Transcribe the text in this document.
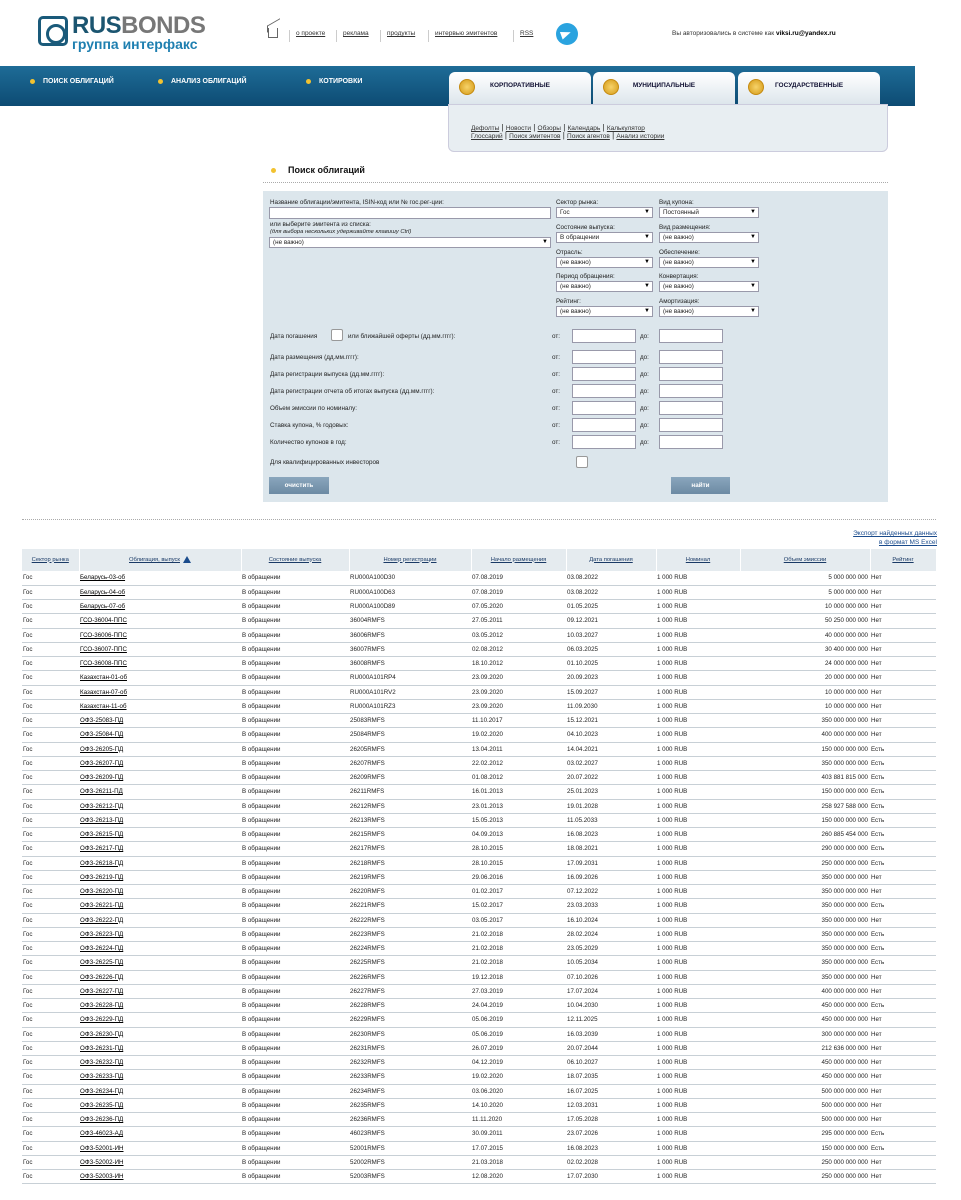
RUSBONDS
группа интерфакс
о проекте	реклама	продукты	интервью эмитентов	RSS	Вы авторизовались в системе как viksi.ru@yandex.ru
ПОИСК ОБЛИГАЦИЙ	АНАЛИЗ ОБЛИГАЦИЙ	КОТИРОВКИ
КОРПОРАТИВНЫЕ	МУНИЦИПАЛЬНЫЕ	ГОСУДАРСТВЕННЫЕ
Дефолты | Новости | Обзоры | Календарь | Калькулятор
Глоссарий | Поиск эмитентов | Поиск агентов | Анализ истории
Поиск облигаций
Название облигации/эмитента, ISIN-код или № гос.рег-ции:
или выберите эмитента из списка:
(для выбора нескольких удерживайте клавишу Ctrl)
(не важно) ▼
Сектор рынка:
Гос ▼
Вид купона:
Постоянный ▼
Состояние выпуска:
В обращении ▼
Вид размещения:
(не важно) ▼
Отрасль:
(не важно) ▼
Обеспечение:
(не важно) ▼
Период обращения:
(не важно) ▼
Конвертация:
(не важно) ▼
Рейтинг:
(не важно) ▼
Амортизация:
(не важно) ▼
Дата погашения	или ближайшей оферты (дд.мм.гггг):	от:	до:
Дата размещения (дд.мм.гггг):	от:	до:
Дата регистрации выпуска (дд.мм.гггг):	от:	до:
Дата регистрации отчета об итогах выпуска (дд.мм.гггг):	от:	до:
Объем эмиссии по номиналу:	от:	до:
Ставка купона, % годовых:	от:	до:
Количество купонов в год:	от:	до:
Для квалифицированных инвесторов
очистить	найти
Экспорт найденных данных
в формат MS Excel
Сектор рынка	Облигация, выпуск	Состояние выпуска	Номер регистрации	Начало размещения	Дата погашения	Номинал	Объем эмиссии	Рейтинг
Гос	Беларусь-03-об	В обращении	RU000A100D30	07.08.2019	03.08.2022	1 000 RUB	5 000 000 000	Нет
Гос	Беларусь-04-об	В обращении	RU000A100D63	07.08.2019	03.08.2022	1 000 RUB	5 000 000 000	Нет
Гос	Беларусь-07-об	В обращении	RU000A100D89	07.05.2020	01.05.2025	1 000 RUB	10 000 000 000	Нет
Гос	ГСО-36004-ППС	В обращении	36004RMFS	27.05.2011	09.12.2021	1 000 RUB	50 250 000 000	Нет
Гос	ГСО-36006-ППС	В обращении	36006RMFS	03.05.2012	10.03.2027	1 000 RUB	40 000 000 000	Нет
Гос	ГСО-36007-ППС	В обращении	36007RMFS	02.08.2012	06.03.2025	1 000 RUB	30 400 000 000	Нет
Гос	ГСО-36008-ППС	В обращении	36008RMFS	18.10.2012	01.10.2025	1 000 RUB	24 000 000 000	Нет
Гос	Казахстан-01-об	В обращении	RU000A101RP4	23.09.2020	20.09.2023	1 000 RUB	20 000 000 000	Нет
Гос	Казахстан-07-об	В обращении	RU000A101RV2	23.09.2020	15.09.2027	1 000 RUB	10 000 000 000	Нет
Гос	Казахстан-11-об	В обращении	RU000A101RZ3	23.09.2020	11.09.2030	1 000 RUB	10 000 000 000	Нет
Гос	ОФЗ-25083-ПД	В обращении	25083RMFS	11.10.2017	15.12.2021	1 000 RUB	350 000 000 000	Нет
Гос	ОФЗ-25084-ПД	В обращении	25084RMFS	19.02.2020	04.10.2023	1 000 RUB	400 000 000 000	Нет
Гос	ОФЗ-26205-ПД	В обращении	26205RMFS	13.04.2011	14.04.2021	1 000 RUB	150 000 000 000	Есть
Гос	ОФЗ-26207-ПД	В обращении	26207RMFS	22.02.2012	03.02.2027	1 000 RUB	350 000 000 000	Есть
Гос	ОФЗ-26209-ПД	В обращении	26209RMFS	01.08.2012	20.07.2022	1 000 RUB	403 881 815 000	Есть
Гос	ОФЗ-26211-ПД	В обращении	26211RMFS	16.01.2013	25.01.2023	1 000 RUB	150 000 000 000	Есть
Гос	ОФЗ-26212-ПД	В обращении	26212RMFS	23.01.2013	19.01.2028	1 000 RUB	258 927 588 000	Есть
Гос	ОФЗ-26213-ПД	В обращении	26213RMFS	15.05.2013	11.05.2033	1 000 RUB	150 000 000 000	Есть
Гос	ОФЗ-26215-ПД	В обращении	26215RMFS	04.09.2013	16.08.2023	1 000 RUB	260 885 454 000	Есть
Гос	ОФЗ-26217-ПД	В обращении	26217RMFS	28.10.2015	18.08.2021	1 000 RUB	290 000 000 000	Есть
Гос	ОФЗ-26218-ПД	В обращении	26218RMFS	28.10.2015	17.09.2031	1 000 RUB	250 000 000 000	Есть
Гос	ОФЗ-26219-ПД	В обращении	26219RMFS	29.06.2016	16.09.2026	1 000 RUB	350 000 000 000	Нет
Гос	ОФЗ-26220-ПД	В обращении	26220RMFS	01.02.2017	07.12.2022	1 000 RUB	350 000 000 000	Нет
Гос	ОФЗ-26221-ПД	В обращении	26221RMFS	15.02.2017	23.03.2033	1 000 RUB	350 000 000 000	Есть
Гос	ОФЗ-26222-ПД	В обращении	26222RMFS	03.05.2017	16.10.2024	1 000 RUB	350 000 000 000	Нет
Гос	ОФЗ-26223-ПД	В обращении	26223RMFS	21.02.2018	28.02.2024	1 000 RUB	350 000 000 000	Есть
Гос	ОФЗ-26224-ПД	В обращении	26224RMFS	21.02.2018	23.05.2029	1 000 RUB	350 000 000 000	Есть
Гос	ОФЗ-26225-ПД	В обращении	26225RMFS	21.02.2018	10.05.2034	1 000 RUB	350 000 000 000	Есть
Гос	ОФЗ-26226-ПД	В обращении	26226RMFS	19.12.2018	07.10.2026	1 000 RUB	350 000 000 000	Нет
Гос	ОФЗ-26227-ПД	В обращении	26227RMFS	27.03.2019	17.07.2024	1 000 RUB	400 000 000 000	Нет
Гос	ОФЗ-26228-ПД	В обращении	26228RMFS	24.04.2019	10.04.2030	1 000 RUB	450 000 000 000	Есть
Гос	ОФЗ-26229-ПД	В обращении	26229RMFS	05.06.2019	12.11.2025	1 000 RUB	450 000 000 000	Нет
Гос	ОФЗ-26230-ПД	В обращении	26230RMFS	05.06.2019	16.03.2039	1 000 RUB	300 000 000 000	Нет
Гос	ОФЗ-26231-ПД	В обращении	26231RMFS	26.07.2019	20.07.2044	1 000 RUB	212 636 000 000	Нет
Гос	ОФЗ-26232-ПД	В обращении	26232RMFS	04.12.2019	06.10.2027	1 000 RUB	450 000 000 000	Нет
Гос	ОФЗ-26233-ПД	В обращении	26233RMFS	19.02.2020	18.07.2035	1 000 RUB	450 000 000 000	Нет
Гос	ОФЗ-26234-ПД	В обращении	26234RMFS	03.06.2020	16.07.2025	1 000 RUB	500 000 000 000	Нет
Гос	ОФЗ-26235-ПД	В обращении	26235RMFS	14.10.2020	12.03.2031	1 000 RUB	500 000 000 000	Нет
Гос	ОФЗ-26236-ПД	В обращении	26236RMFS	11.11.2020	17.05.2028	1 000 RUB	500 000 000 000	Нет
Гос	ОФЗ-46023-АД	В обращении	46023RMFS	30.09.2011	23.07.2026	1 000 RUB	295 000 000 000	Есть
Гос	ОФЗ-52001-ИН	В обращении	52001RMFS	17.07.2015	16.08.2023	1 000 RUB	150 000 000 000	Есть
Гос	ОФЗ-52002-ИН	В обращении	52002RMFS	21.03.2018	02.02.2028	1 000 RUB	250 000 000 000	Нет
Гос	ОФЗ-52003-ИН	В обращении	52003RMFS	12.08.2020	17.07.2030	1 000 RUB	250 000 000 000	Нет
